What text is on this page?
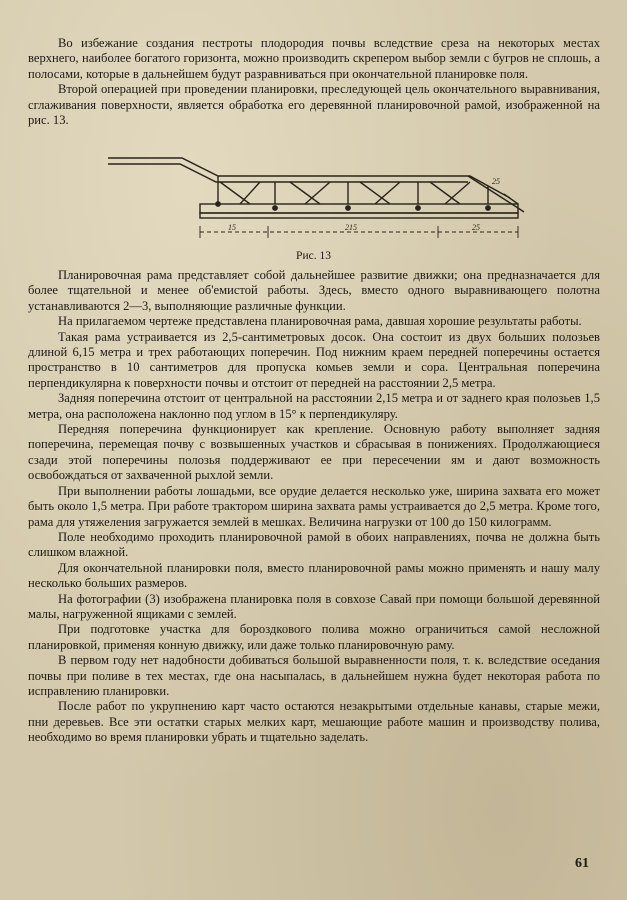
Во избежание создания пестроты плодородия почвы вследствие среза на некоторых местах верхнего, наиболее богатого горизонта, можно производить скрепером выбор земли с бугров не сплошь, а полосами, которые в дальнейшем будут разравниваться при окончательной планировке поля.

Второй операцией при проведении планировки, преследующей цель окончательного выравнивания, сглаживания поверхности, является обработка его деревянной планировочной рамой, изображенной на рис. 13.

15	215	25
25
Рис. 13

Планировочная рама представляет собой дальнейшее развитие движки; она предназначается для более тщательной и менее об'емистой работы. Здесь, вместо одного выравнивающего полотна устанавливаются 2—3, выполняющие различные функции.

На прилагаемом чертеже представлена планировочная рама, давшая хорошие результаты работы.

Такая рама устраивается из 2,5-сантиметровых досок. Она состоит из двух больших полозьев длиной 6,15 метра и трех работающих поперечин. Под нижним краем передней поперечины остается пространство в 10 сантиметров для пропуска комьев земли и сора. Центральная поперечина перпендикулярна к поверхности почвы и отстоит от передней на расстоянии 2,5 метра.

Задняя поперечина отстоит от центральной на расстоянии 2,15 метра и от заднего края полозьев 1,5 метра, она расположена наклонно под углом в 15° к перпендикуляру.

Передняя поперечина функционирует как крепление. Основную работу выполняет задняя поперечина, перемещая почву с возвышенных участков и сбрасывая в понижениях. Продолжающиеся сзади этой поперечины полозья поддерживают ее при пересечении ям и дают возможность освобождаться от захваченной рыхлой земли.

При выполнении работы лошадьми, все орудие делается несколько уже, ширина захвата его может быть около 1,5 метра. При работе трактором ширина захвата рамы устраивается до 2,5 метра. Кроме того, рама для утяжеления загружается землей в мешках. Величина нагрузки от 100 до 150 килограмм.

Поле необходимо проходить планировочной рамой в обоих направлениях, почва не должна быть слишком влажной.

Для окончательной планировки поля, вместо планировочной рамы можно применять и нашу малу несколько больших размеров.

На фотографии (3) изображена планировка поля в совхозе Савай при помощи большой деревянной малы, нагруженной ящиками с землей.

При подготовке участка для бороздкового полива можно ограничиться самой несложной планировкой, применяя конную движку, или даже только планировочную раму.

В первом году нет надобности добиваться большой выравненности поля, т. к. вследствие оседания почвы при поливе в тех местах, где она насыпалась, в дальнейшем нужна будет некоторая работа по исправлению планировки.

После работ по укрупнению карт часто остаются незакрытыми отдельные канавы, старые межи, пни деревьев. Все эти остатки старых мелких карт, мешающие работе машин и производству полива, необходимо во время планировки убрать и тщательно заделать.

61
